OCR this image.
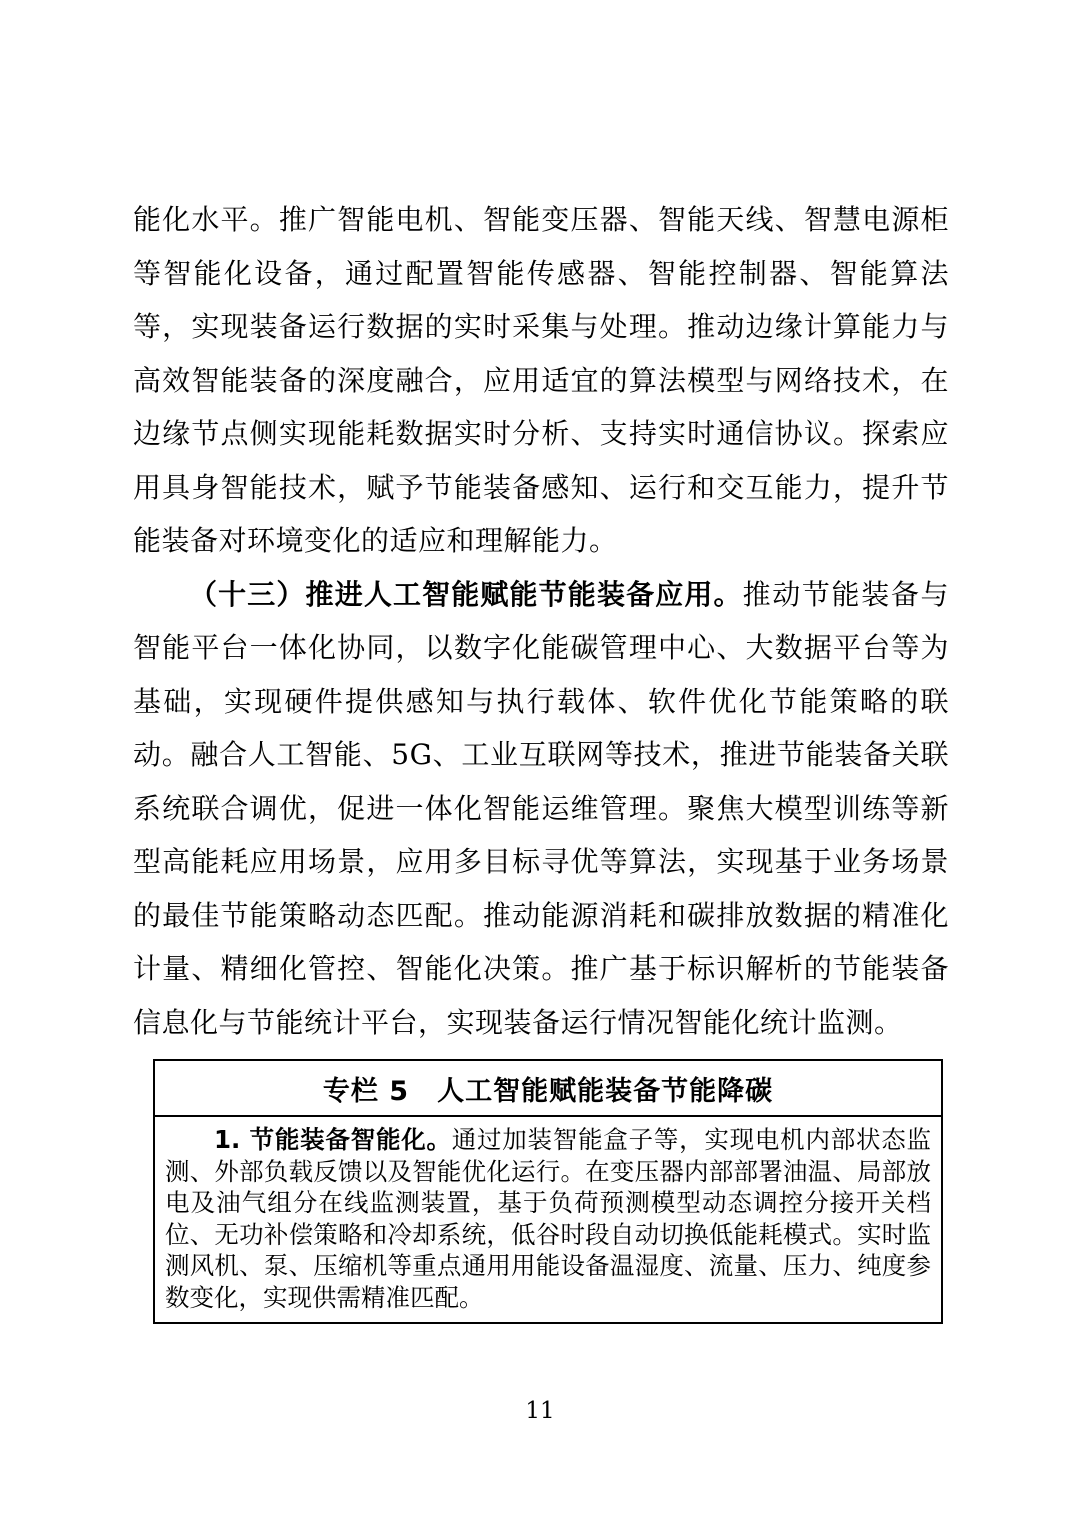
能化水平。推广智能电机、智能变压器、智能天线、智慧电源柜等智能化设备，通过配置智能传感器、智能控制器、智能算法等，实现装备运行数据的实时采集与处理。推动边缘计算能力与高效智能装备的深度融合，应用适宜的算法模型与网络技术，在边缘节点侧实现能耗数据实时分析、支持实时通信协议。探索应用具身智能技术，赋予节能装备感知、运行和交互能力，提升节能装备对环境变化的适应和理解能力。

（十三）推进人工智能赋能节能装备应用。推动节能装备与智能平台一体化协同，以数字化能碳管理中心、大数据平台等为基础，实现硬件提供感知与执行载体、软件优化节能策略的联动。融合人工智能、5G、工业互联网等技术，推进节能装备关联系统联合调优，促进一体化智能运维管理。聚焦大模型训练等新型高能耗应用场景，应用多目标寻优等算法，实现基于业务场景的最佳节能策略动态匹配。推动能源消耗和碳排放数据的精准化计量、精细化管控、智能化决策。推广基于标识解析的节能装备信息化与节能统计平台，实现装备运行情况智能化统计监测。

专栏 5　人工智能赋能装备节能降碳
1. 节能装备智能化。通过加装智能盒子等，实现电机内部状态监测、外部负载反馈以及智能优化运行。在变压器内部部署油温、局部放电及油气组分在线监测装置，基于负荷预测模型动态调控分接开关档位、无功补偿策略和冷却系统，低谷时段自动切换低能耗模式。实时监测风机、泵、压缩机等重点通用用能设备温湿度、流量、压力、纯度参数变化，实现供需精准匹配。
11
